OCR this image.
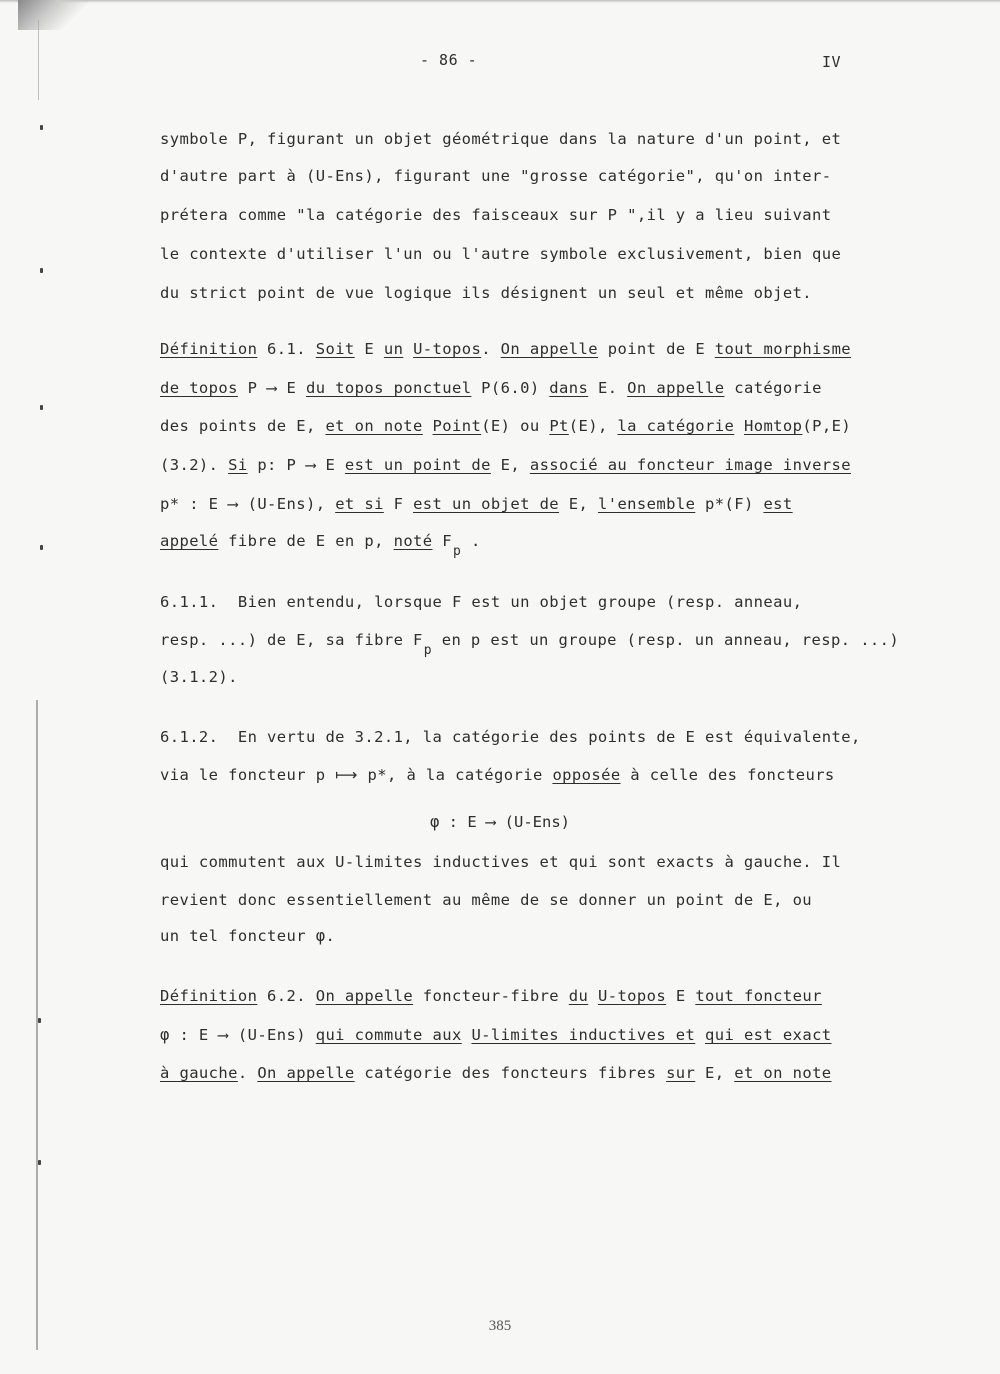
- 86 -	IV
symbole P, figurant un objet géométrique dans la nature d'un point, et
d'autre part à (U-Ens), figurant une "grosse catégorie", qu'on inter-
prétera comme "la catégorie des faisceaux sur P ",il y a lieu suivant
le contexte d'utiliser l'un ou l'autre symbole exclusivement, bien que
du strict point de vue logique ils désignent un seul et même objet.
Définition 6.1. Soit E un U-topos. On appelle point de E tout morphisme
de topos P ⟶ E du topos ponctuel P(6.0) dans E. On appelle catégorie
des points de E, et on note Point(E) ou Pt(E), la catégorie Homtop(P,E)
(3.2). Si p: P ⟶ E est un point de E, associé au foncteur image inverse
p* : E ⟶ (U-Ens), et si F est un objet de E, l'ensemble p*(F) est
appelé fibre de E en p, noté $F_p$ .
6.1.1.  Bien entendu, lorsque F est un objet groupe (resp. anneau,
resp. ...) de E, sa fibre $F_p$ en p est un groupe (resp. un anneau, resp. ...)
(3.1.2).
6.1.2.  En vertu de 3.2.1, la catégorie des points de E est équivalente,
via le foncteur p ⟼ p*, à la catégorie opposée à celle des foncteurs
φ : E ⟶ (U-Ens)
qui commutent aux U-limites inductives et qui sont exacts à gauche. Il
revient donc essentiellement au même de se donner un point de E, ou
un tel foncteur φ.
Définition 6.2. On appelle foncteur-fibre du U-topos E tout foncteur
φ : E ⟶ (U-Ens) qui commute aux U-limites inductives et qui est exact
à gauche. On appelle catégorie des foncteurs fibres sur E, et on note
385
